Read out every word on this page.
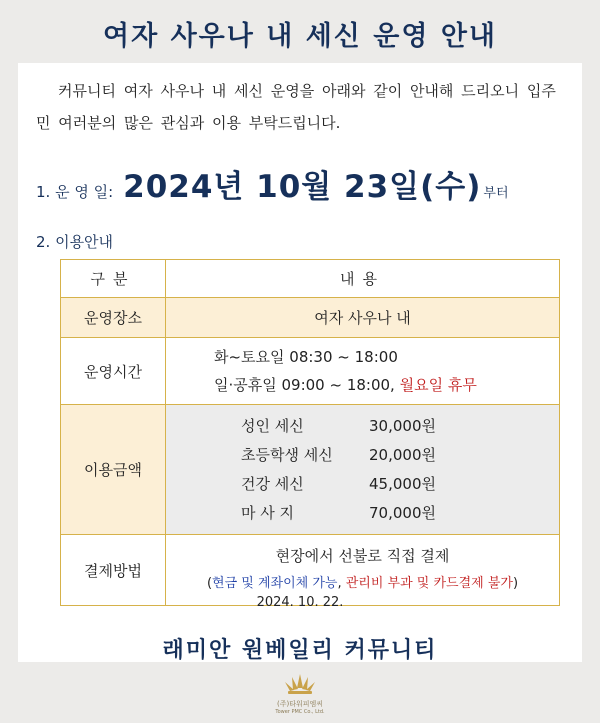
여자 사우나 내 세신 운영 안내
커뮤니티 여자 사우나 내 세신 운영을 아래와 같이 안내해 드리오니 입주민 여러분의 많은 관심과 이용 부탁드립니다.
1. 운 영 일: 2024년 10월 23일(수) 부터
2. 이용안내
구분	내용
운영장소	여자 사우나 내
운영시간	화~토요일 08:30 ~ 18:00
일·공휴일 09:00 ~ 18:00, 월요일 휴무

이용금액	성인 세신 30,000원
초등학생 세신 20,000원
건강 세신 45,000원
마 사 지 70,000원

결제방법	현장에서 선불로 직접 결제
(현금 및 계좌이체 가능, 관리비 부과 및 카드결제 불가)
2024. 10. 22.
래미안 원베일리 커뮤니티
(주)타워피엠씨
Tower PMC Co., Ltd.
